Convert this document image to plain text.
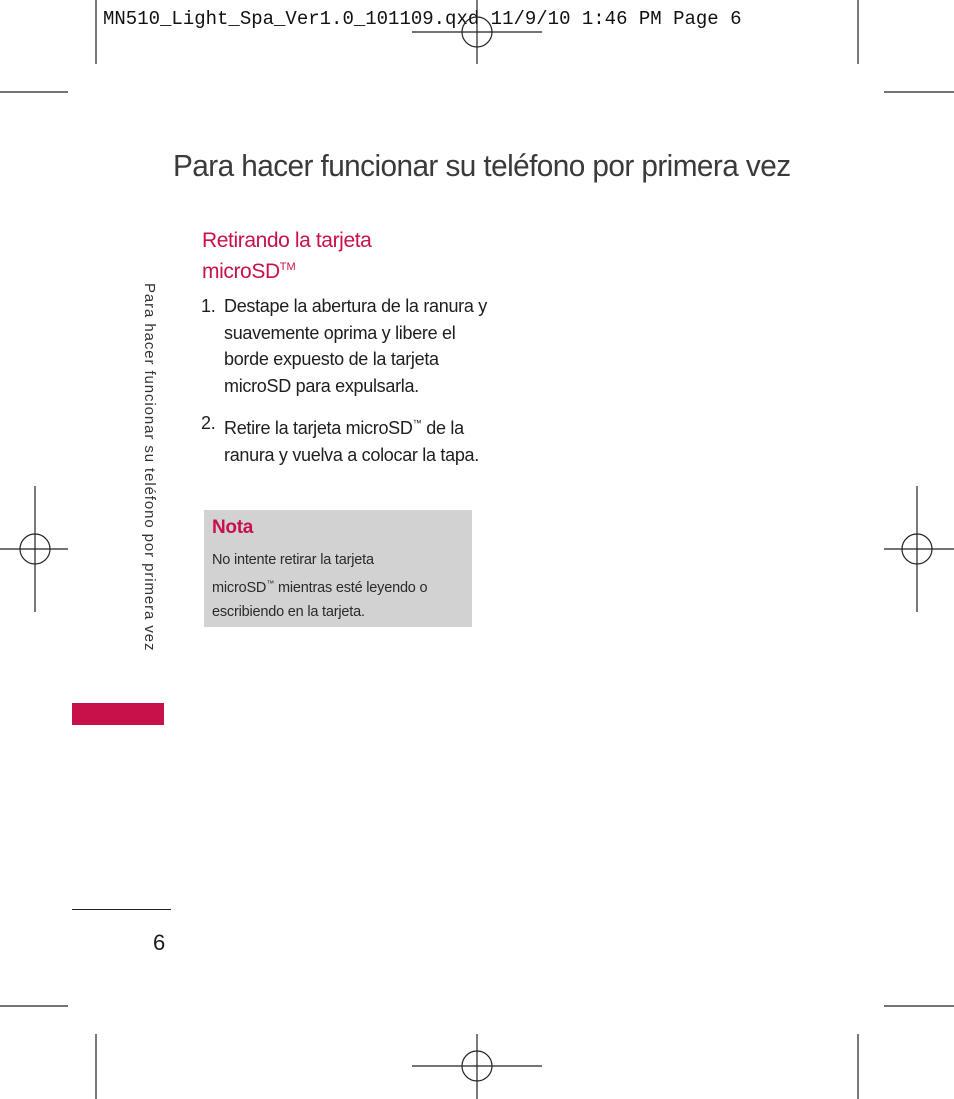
MN510_Light_Spa_Ver1.0_101109.qxd 11/9/10 1:46 PM Page 6
Para hacer funcionar su teléfono por primera vez
Para hacer funcionar su teléfono por primera vez
Retirando la tarjeta
microSD™
1. Destape la abertura de la ranura y suavemente oprima y libere el borde expuesto de la tarjeta microSD para expulsarla.
2. Retire la tarjeta microSD™ de la ranura y vuelva a colocar la tapa.
Nota
No intente retirar la tarjeta
microSD™ mientras esté leyendo o
escribiendo en la tarjeta.
6
